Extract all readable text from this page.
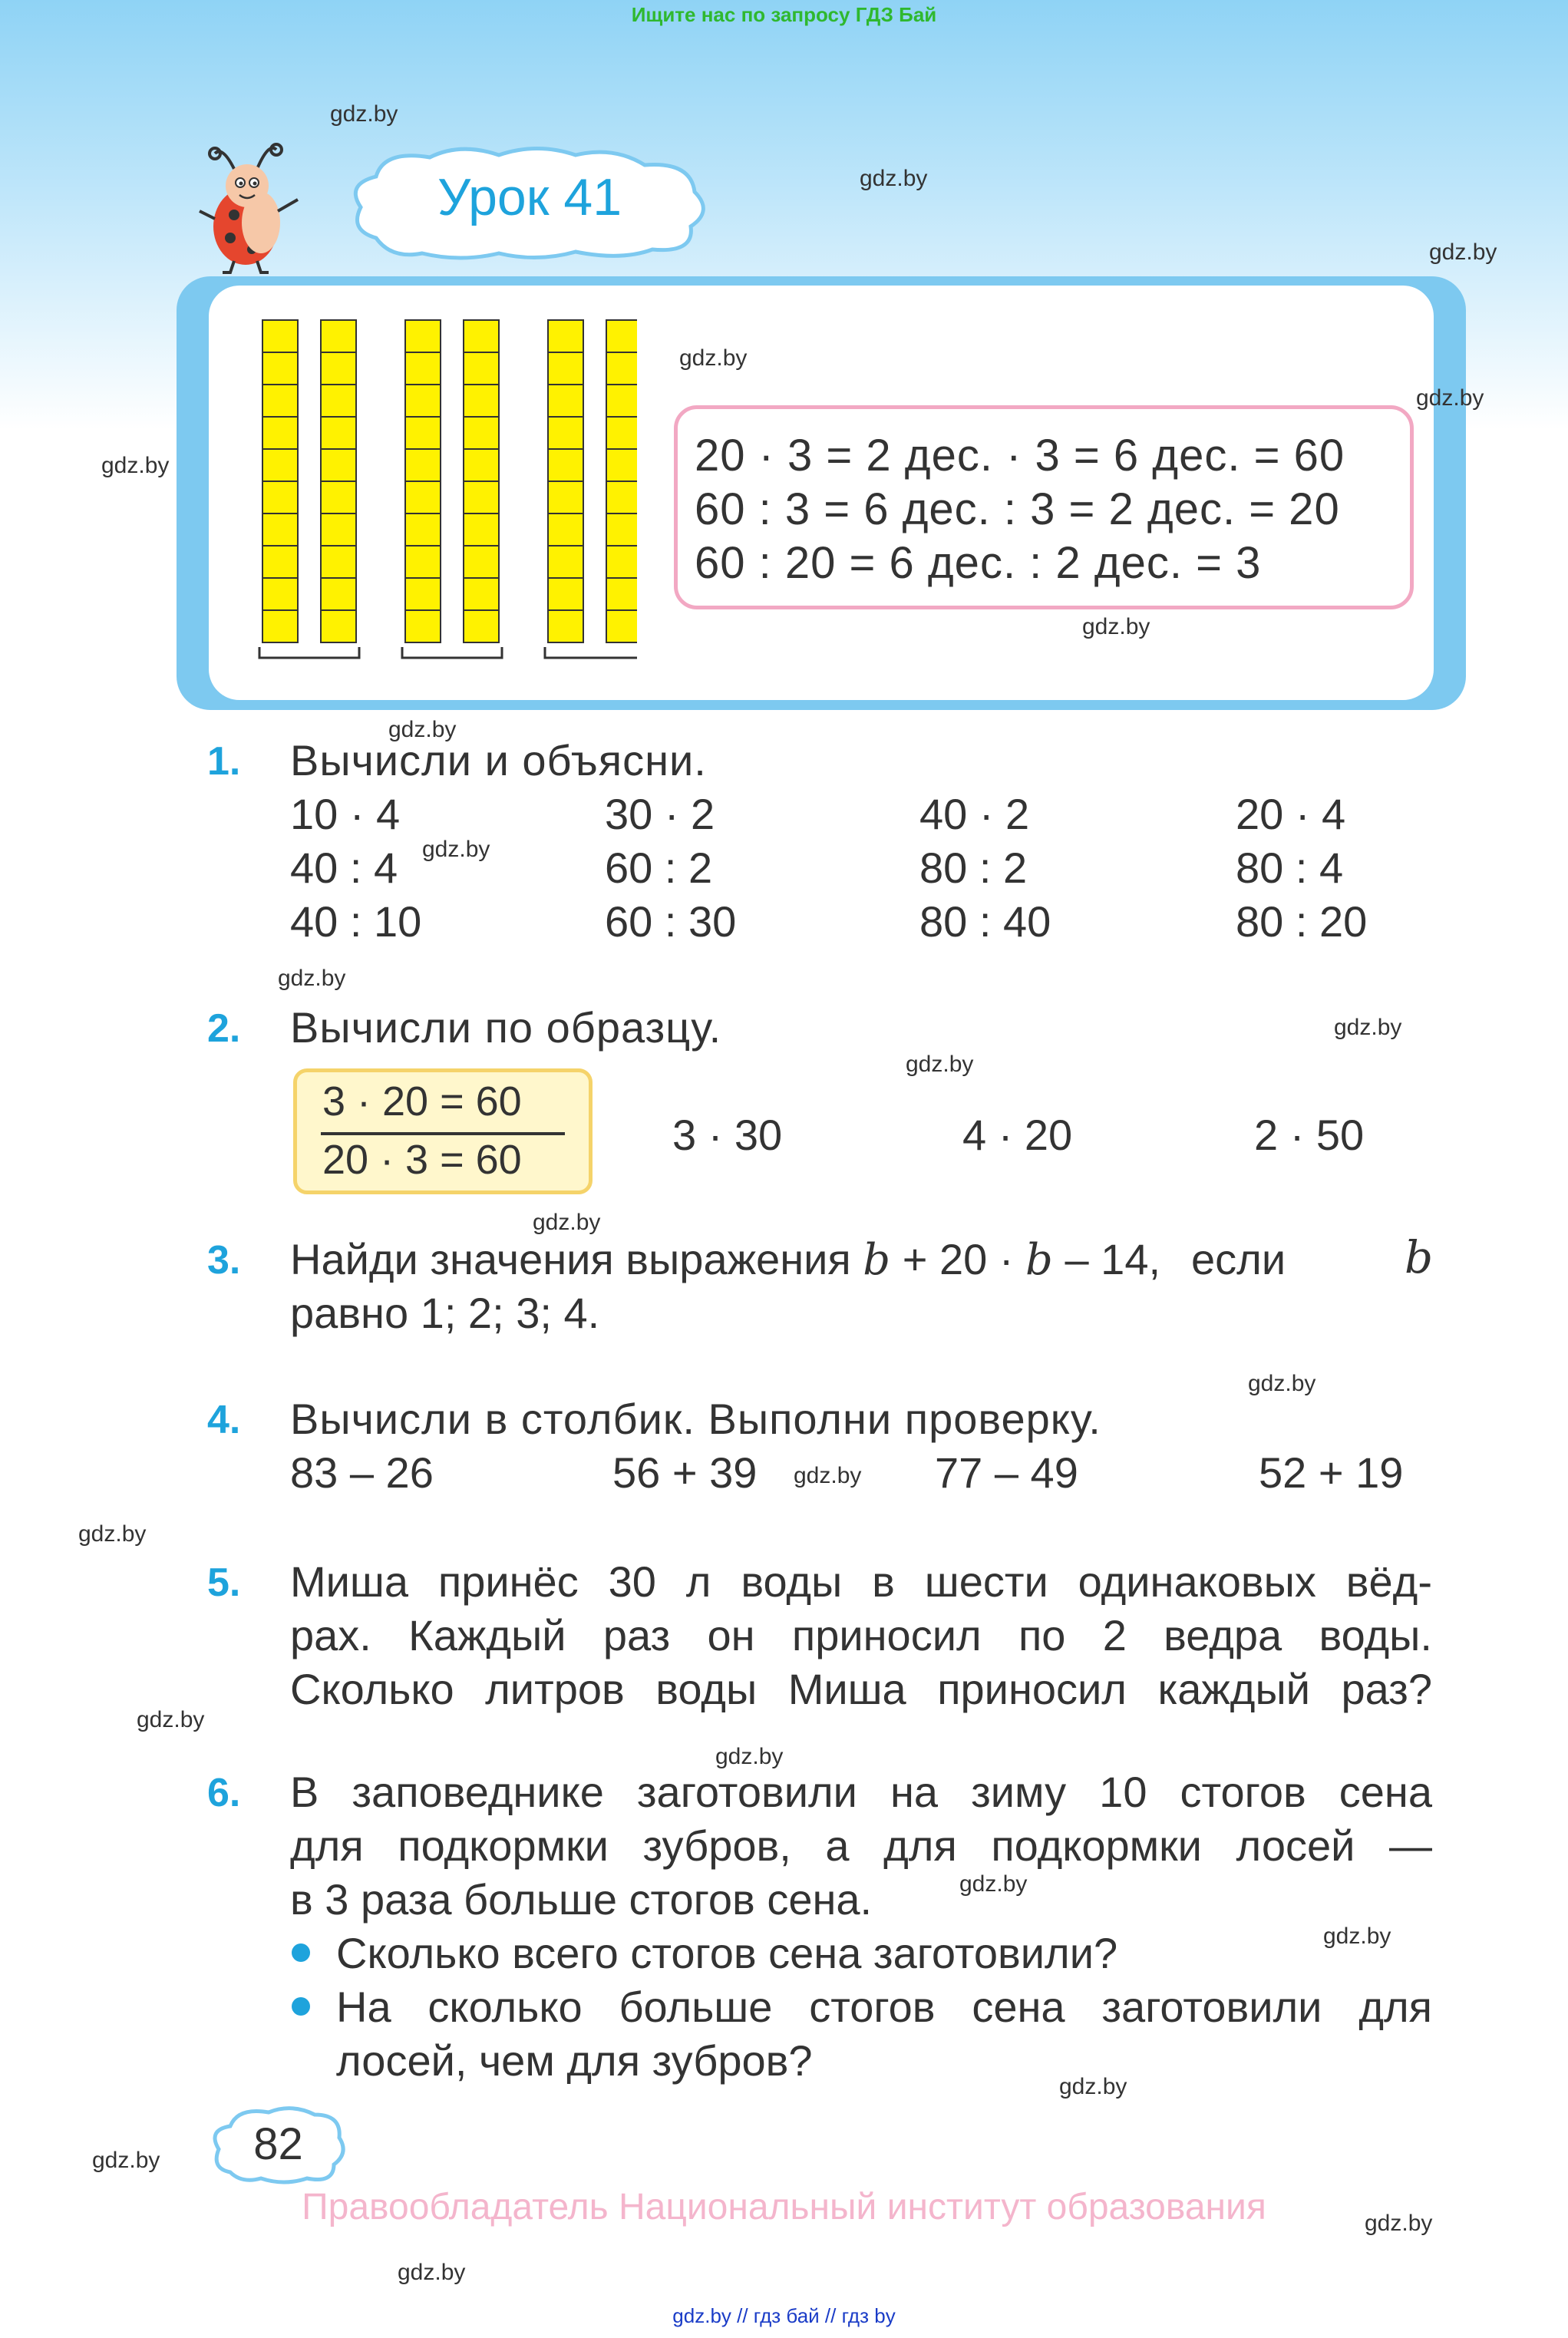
Ищите нас по запросу ГДЗ Бай
Урок 41
20 · 3 = 2 дес. · 3 = 6 дес. = 60
60 : 3 = 6 дес. : 3 = 2 дес. = 20
60 : 20 = 6 дес. : 2 дес. = 3
1. Вычисли и объясни.
10 · 4	30 · 2	40 · 2	20 · 4
40 : 4	60 : 2	80 : 2	80 : 4
40 : 10	60 : 30	80 : 40	80 : 20
2. Вычисли по образцу.
3 · 20 = 60
20 · 3 = 60
3 · 30	4 · 20	2 · 50
3. Найди значения выражения b + 20 · b – 14, если	b
равно 1; 2; 3; 4.
4. Вычисли в столбик. Выполни проверку.
83 – 26	56 + 39	77 – 49	52 + 19
5. Миша принёс 30 л воды в шести одинаковых вёд-
рах. Каждый раз он приносил по 2 ведра воды.
Сколько литров воды Миша приносил каждый раз?
6. В заповеднике заготовили на зиму 10 стогов сена
для подкормки зубров, а для подкормки лосей —
в 3 раза больше стогов сена.
Сколько всего стогов сена заготовили?
На сколько больше стогов сена заготовили для
лосей, чем для зубров?
82
Правообладатель Национальный институт образования
gdz.by // гдз бай // гдз by
gdz.by
gdz.by
gdz.by
gdz.by
gdz.by
gdz.by
gdz.by
gdz.by
gdz.by
gdz.by
gdz.by
gdz.by
gdz.by
gdz.by
gdz.by
gdz.by
gdz.by
gdz.by
gdz.by
gdz.by
gdz.by
gdz.by
gdz.by
gdz.by
